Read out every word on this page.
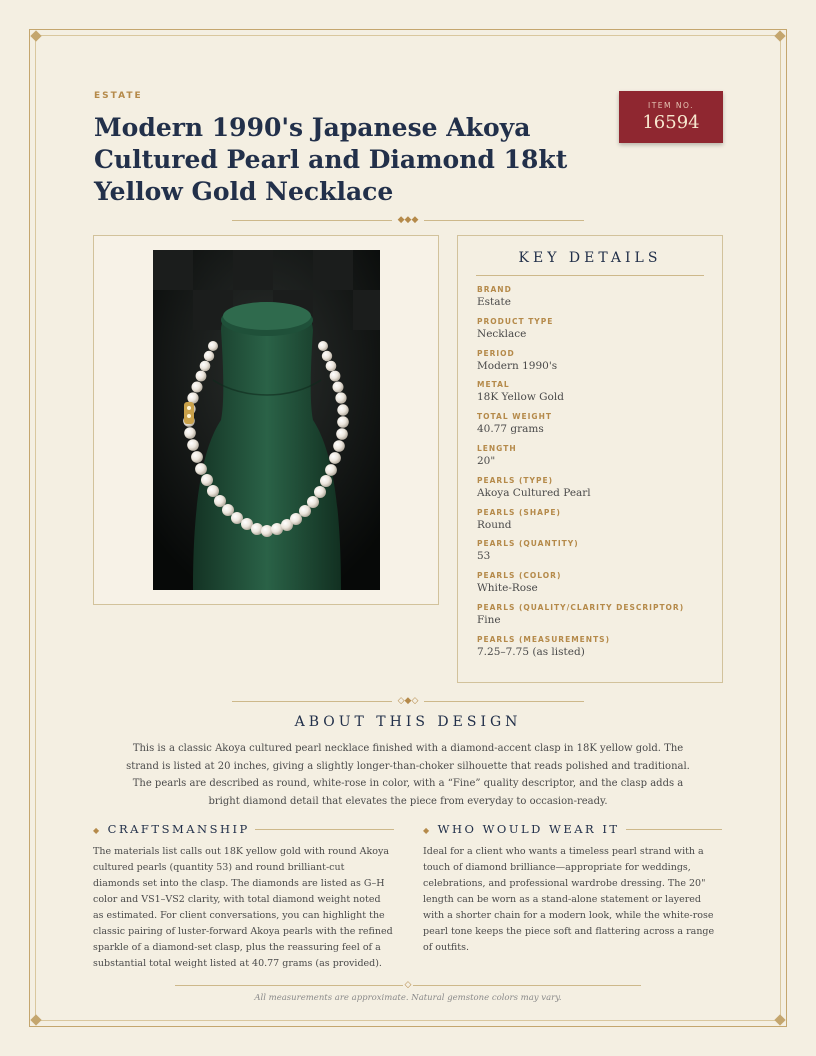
ESTATE
Modern 1990's Japanese Akoya Cultured Pearl and Diamond 18kt Yellow Gold Necklace
ITEM NO.
16594
◆◆◆
KEY DETAILS
BRAND
Estate
PRODUCT TYPE
Necklace
PERIOD
Modern 1990's
METAL
18K Yellow Gold
TOTAL WEIGHT
40.77 grams
LENGTH
20"
PEARLS (TYPE)
Akoya Cultured Pearl
PEARLS (SHAPE)
Round
PEARLS (QUANTITY)
53
PEARLS (COLOR)
White-Rose
PEARLS (QUALITY/CLARITY DESCRIPTOR)
Fine
PEARLS (MEASUREMENTS)
7.25–7.75 (as listed)
◇◆◇
ABOUT THIS DESIGN

This is a classic Akoya cultured pearl necklace finished with a diamond-accent clasp in 18K yellow gold. The strand is listed at 20 inches, giving a slightly longer-than-choker silhouette that reads polished and traditional. The pearls are described as round, white-rose in color, with a “Fine” quality descriptor, and the clasp adds a bright diamond detail that elevates the piece from everyday to occasion-ready.

◆ CRAFTSMANSHIP

The materials list calls out 18K yellow gold with round Akoya cultured pearls (quantity 53) and round brilliant-cut diamonds set into the clasp. The diamonds are listed as G–H color and VS1–VS2 clarity, with total diamond weight noted as estimated. For client conversations, you can highlight the classic pairing of luster-forward Akoya pearls with the refined sparkle of a diamond-set clasp, plus the reassuring feel of a substantial total weight listed at 40.77 grams (as provided).

◆ WHO WOULD WEAR IT

Ideal for a client who wants a timeless pearl strand with a touch of diamond brilliance—appropriate for weddings, celebrations, and professional wardrobe dressing. The 20" length can be worn as a stand-alone statement or layered with a shorter chain for a modern look, while the white-rose pearl tone keeps the piece soft and flattering across a range of outfits.

◇
All measurements are approximate. Natural gemstone colors may vary.
